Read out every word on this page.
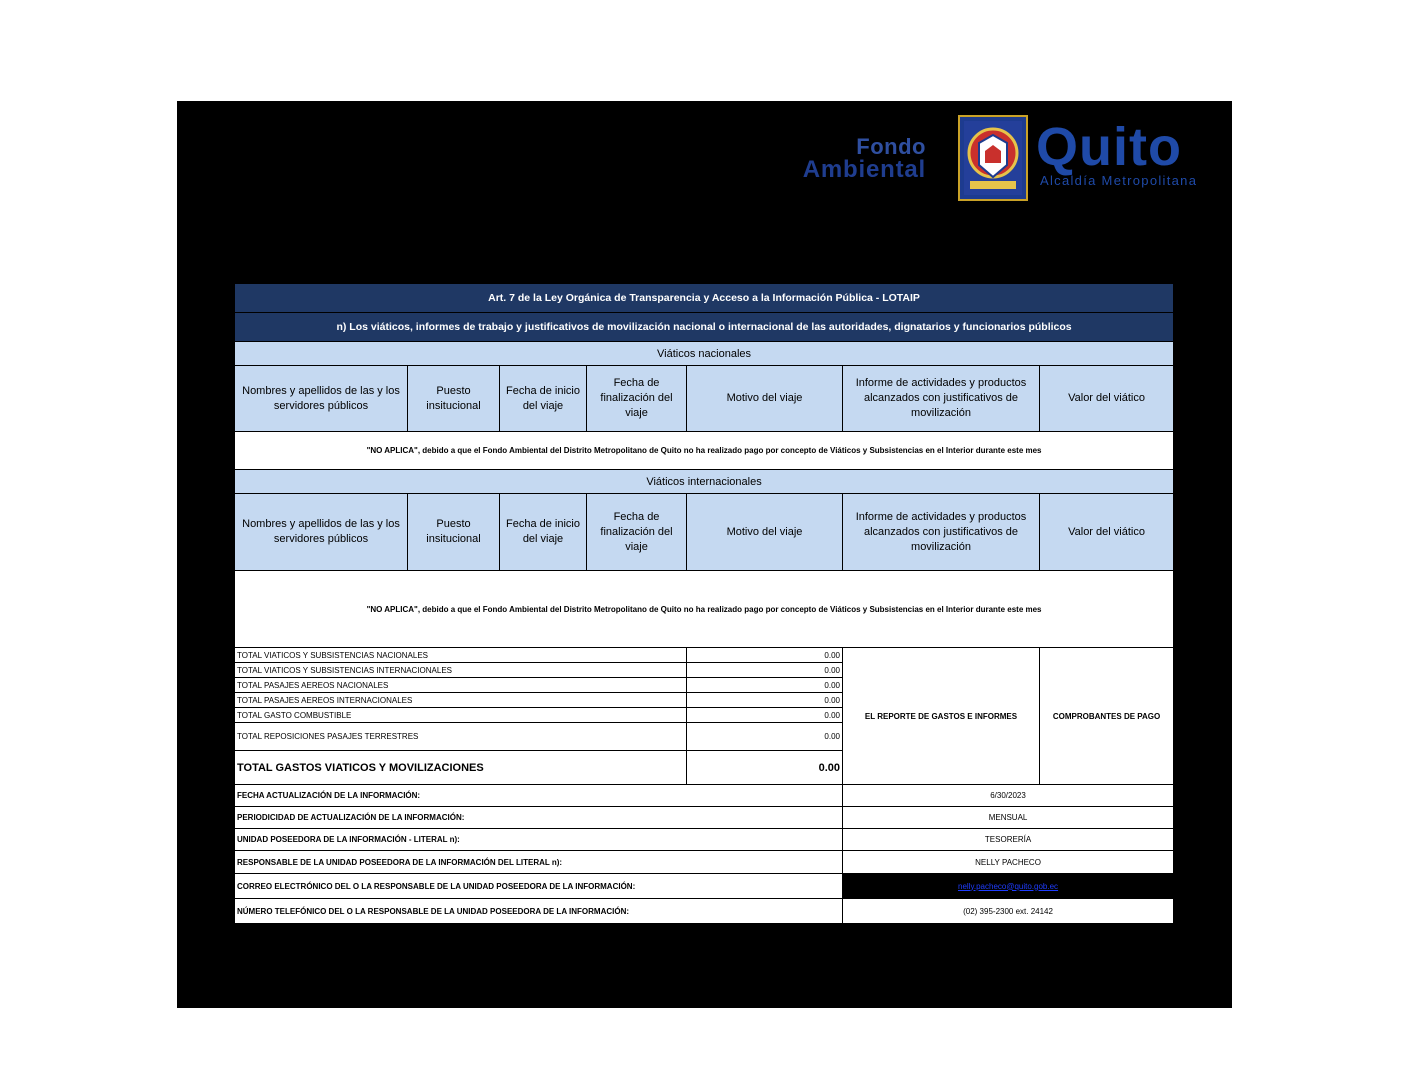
Fondo
Ambiental Quito
Alcaldía Metropolitana
Art. 7 de la Ley Orgánica de Transparencia y Acceso a la Información Pública - LOTAIP						
n) Los viáticos, informes de trabajo y justificativos de movilización nacional o internacional de las autoridades, dignatarios y funcionarios públicos						
Viáticos nacionales						
Nombres y apellidos de las y los servidores públicos	Puesto insitucional	Fecha de inicio del viaje	Fecha de finalización del viaje	Motivo del viaje	Informe de actividades y productos alcanzados con justificativos de movilización	Valor del viático
"NO APLICA", debido a que el Fondo Ambiental del Distrito Metropolitano de Quito no ha realizado pago por concepto de Viáticos y Subsistencias en el Interior durante este mes						
Viáticos internacionales						
Nombres y apellidos de las y los servidores públicos	Puesto insitucional	Fecha de inicio del viaje	Fecha de finalización del viaje	Motivo del viaje	Informe de actividades y productos alcanzados con justificativos de movilización	Valor del viático
"NO APLICA", debido a que el Fondo Ambiental del Distrito Metropolitano de Quito no ha realizado pago por concepto de Viáticos y Subsistencias en el Interior durante este mes						
TOTAL VIATICOS Y SUBSISTENCIAS NACIONALES				0.00	EL REPORTE DE GASTOS E INFORMES	COMPROBANTES DE PAGO
TOTAL VIATICOS Y SUBSISTENCIAS INTERNACIONALES				0.00		
TOTAL PASAJES AEREOS NACIONALES				0.00		
TOTAL PASAJES AEREOS INTERNACIONALES				0.00		
TOTAL GASTO COMBUSTIBLE				0.00		
TOTAL REPOSICIONES PASAJES TERRESTRES				0.00		
TOTAL GASTOS VIATICOS Y MOVILIZACIONES				0.00		
FECHA ACTUALIZACIÓN DE LA INFORMACIÓN:					6/30/2023	
PERIODICIDAD DE ACTUALIZACIÓN DE LA INFORMACIÓN:					MENSUAL	
UNIDAD POSEEDORA DE LA INFORMACIÓN - LITERAL n):					TESORERÍA	
RESPONSABLE DE LA UNIDAD POSEEDORA DE LA INFORMACIÓN DEL LITERAL n):					NELLY PACHECO	
CORREO ELECTRÓNICO DEL O LA RESPONSABLE DE LA UNIDAD POSEEDORA DE LA INFORMACIÓN:					nelly.pacheco@quito.gob.ec	
NÚMERO TELEFÓNICO DEL O LA RESPONSABLE DE LA UNIDAD POSEEDORA DE LA INFORMACIÓN:					(02) 395-2300 ext. 24142	
